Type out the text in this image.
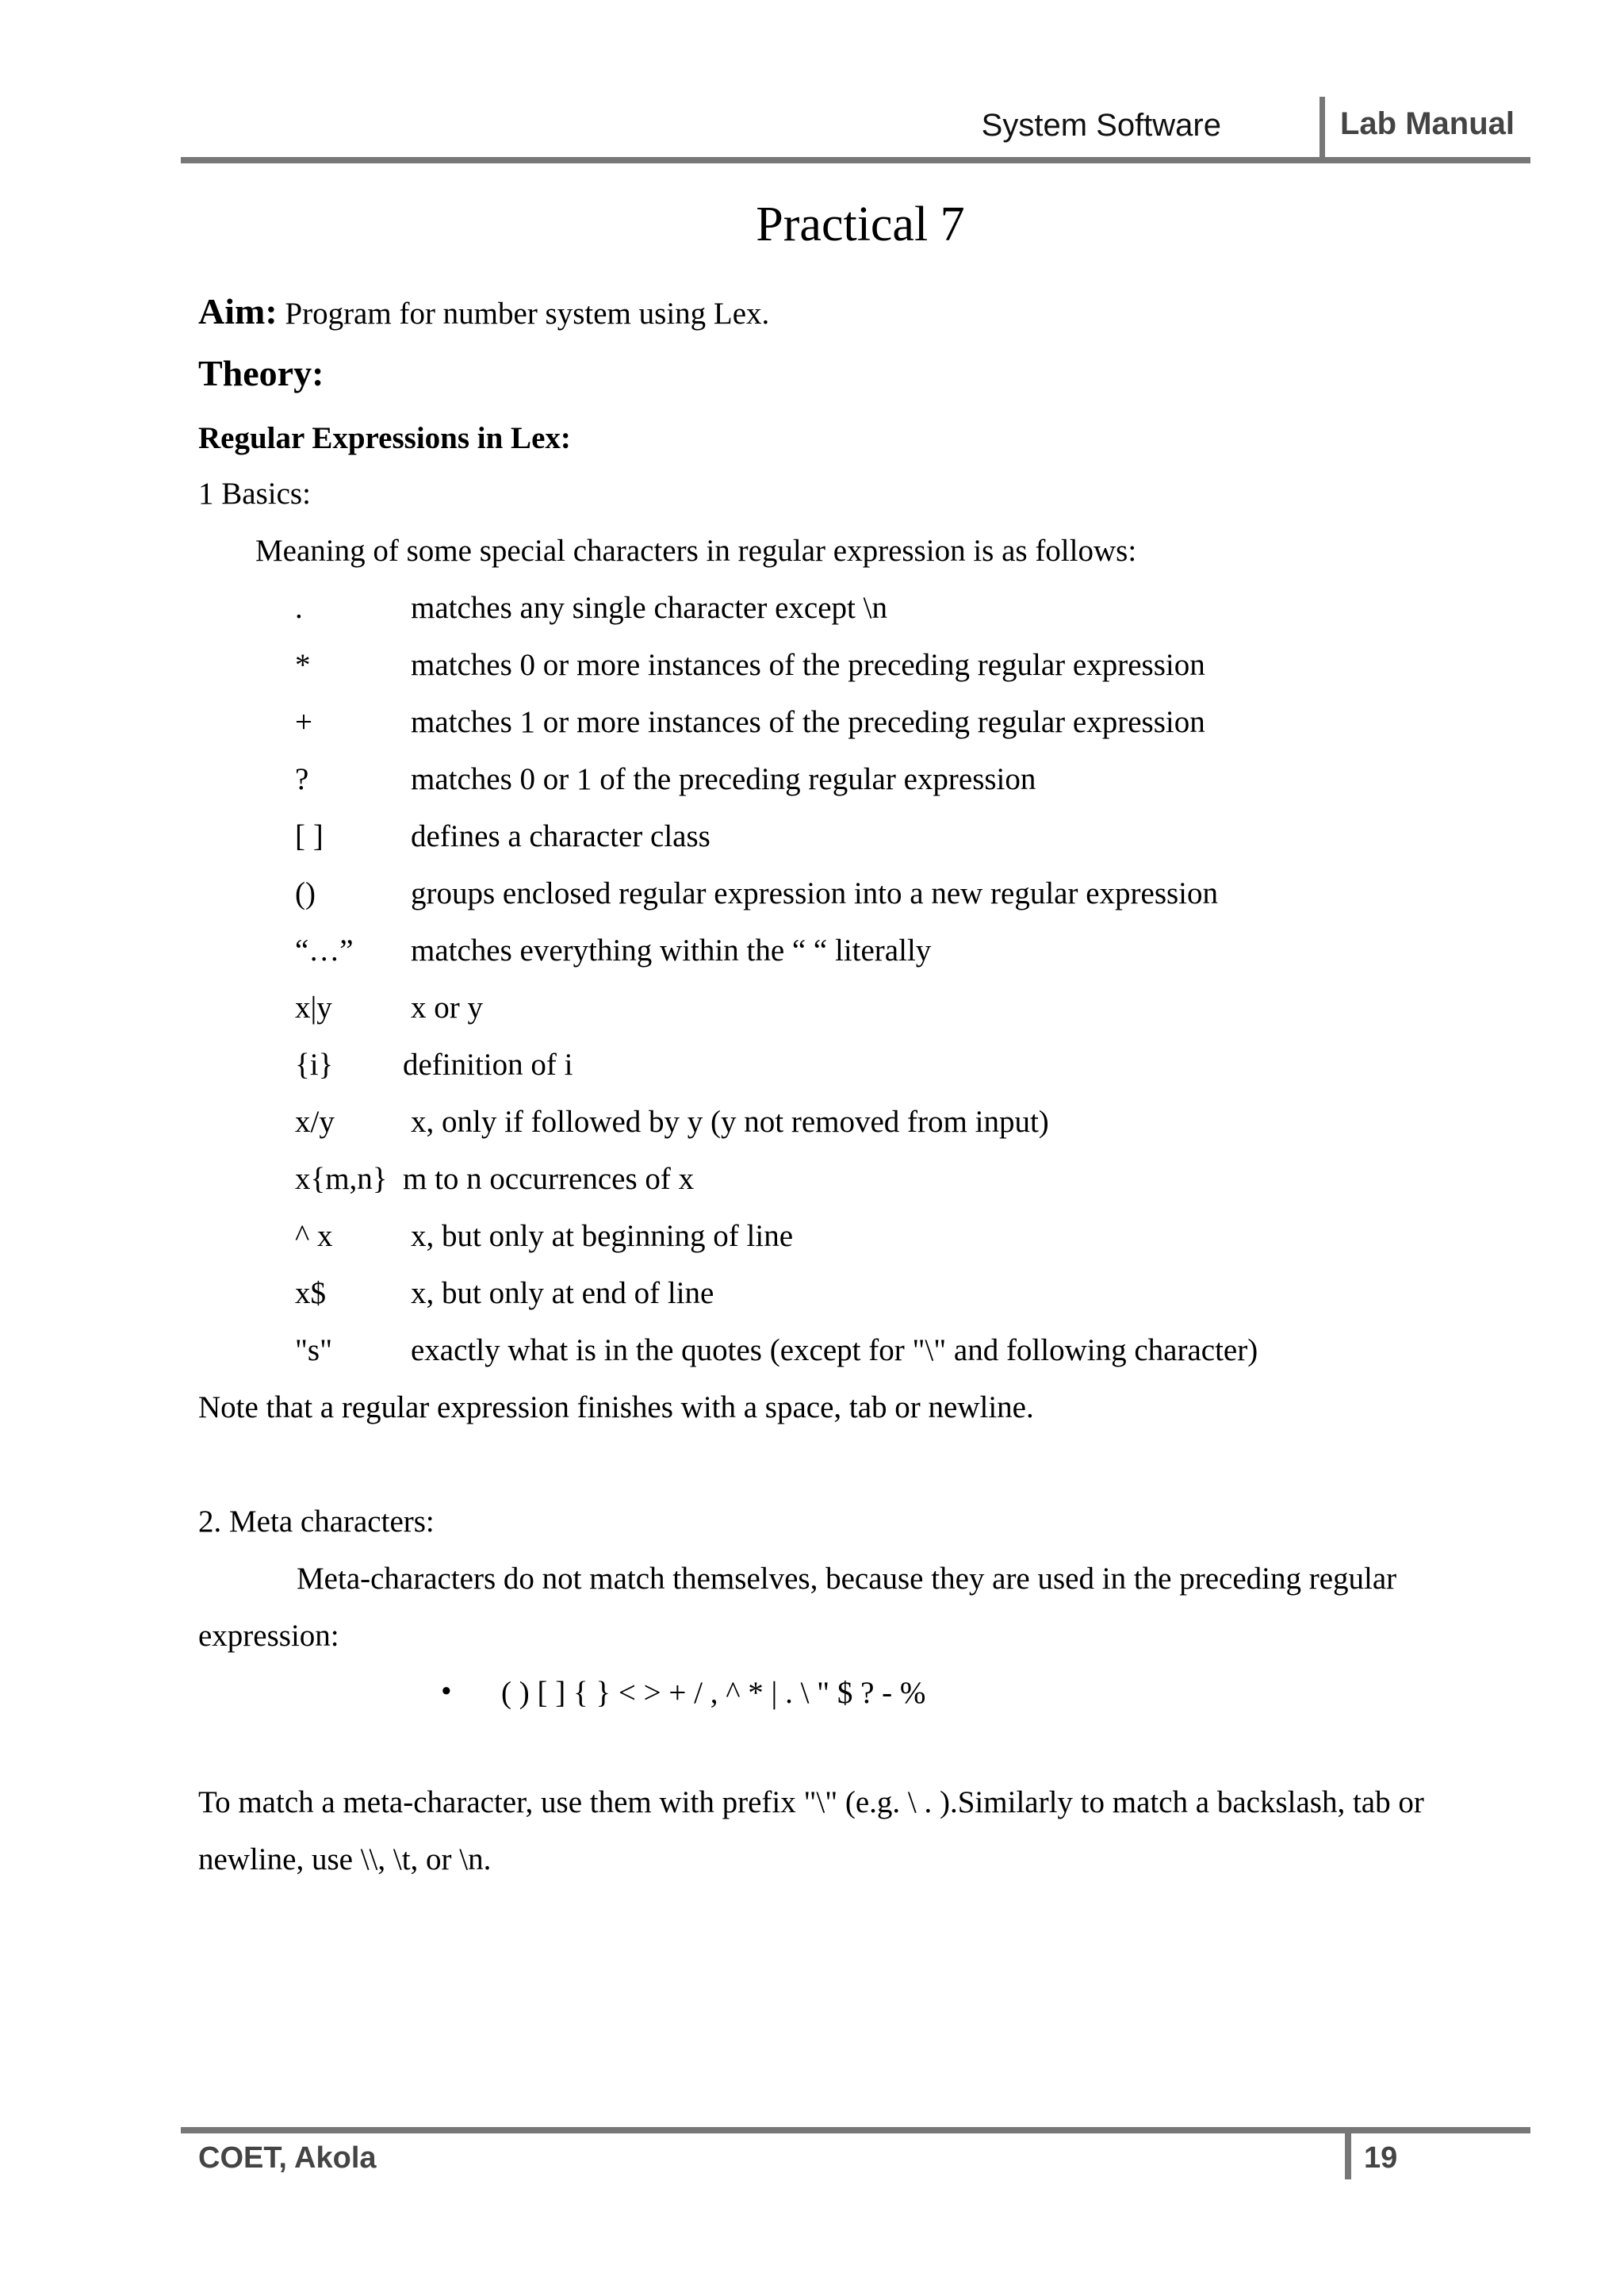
System Software	Lab Manual
Practical 7
Aim: Program for number system using Lex.
Theory:
Regular Expressions in Lex:
1 Basics:
Meaning of some special characters in regular expression is as follows:
.	matches any single character except \n
*	matches 0 or more instances of the preceding regular expression
+	matches 1 or more instances of the preceding regular expression
?	matches 0 or 1 of the preceding regular expression
[ ]	defines a character class
()	groups enclosed regular expression into a new regular expression
“…” matches everything within the “ “ literally
x|y	x or y
{i} definition of i
x/y x, only if followed by y (y not removed from input)
x{m,n} m to n occurrences of x
^ x	x, but only at beginning of line
x$	x, but only at end of line
"s"	exactly what is in the quotes (except for "\" and following character)
Note that a regular expression finishes with a space, tab or newline.
2. Meta characters:
Meta-characters do not match themselves, because they are used in the preceding regular
expression:
• ( ) [ ] { } < > + / , ^ * | . \ " $ ? - %
To match a meta-character, use them with prefix "\" (e.g. \ . ).Similarly to match a backslash, tab or
newline, use \\, \t, or \n.
COET, Akola	19
